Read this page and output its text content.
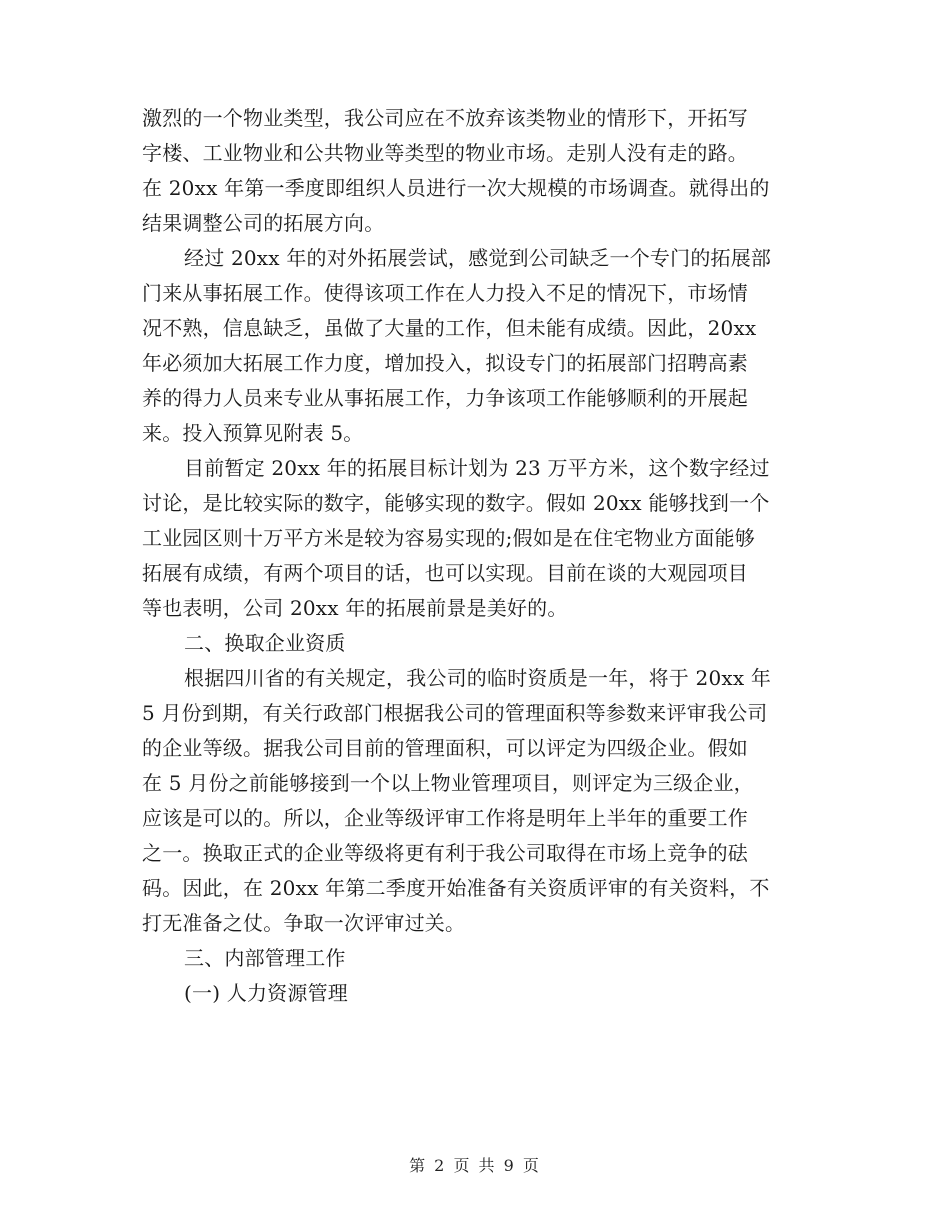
激烈的一个物业类型，我公司应在不放弃该类物业的情形下，开拓写
字楼、工业物业和公共物业等类型的物业市场。走别人没有走的路。
在 20xx 年第一季度即组织人员进行一次大规模的市场调查。就得出的
结果调整公司的拓展方向。

经过 20xx 年的对外拓展尝试，感觉到公司缺乏一个专门的拓展部
门来从事拓展工作。使得该项工作在人力投入不足的情况下，市场情
况不熟，信息缺乏，虽做了大量的工作，但未能有成绩。因此，20xx
年必须加大拓展工作力度，增加投入，拟设专门的拓展部门招聘高素
养的得力人员来专业从事拓展工作，力争该项工作能够顺利的开展起
来。投入预算见附表 5。

目前暂定 20xx 年的拓展目标计划为 23 万平方米，这个数字经过
讨论，是比较实际的数字，能够实现的数字。假如 20xx 能够找到一个
工业园区则十万平方米是较为容易实现的;假如是在住宅物业方面能够
拓展有成绩，有两个项目的话，也可以实现。目前在谈的大观园项目
等也表明，公司 20xx 年的拓展前景是美好的。

二、换取企业资质

根据四川省的有关规定，我公司的临时资质是一年，将于 20xx 年
5 月份到期，有关行政部门根据我公司的管理面积等参数来评审我公司
的企业等级。据我公司目前的管理面积，可以评定为四级企业。假如
在 5 月份之前能够接到一个以上物业管理项目，则评定为三级企业，
应该是可以的。所以，企业等级评审工作将是明年上半年的重要工作
之一。换取正式的企业等级将更有利于我公司取得在市场上竞争的砝
码。因此，在 20xx 年第二季度开始准备有关资质评审的有关资料，不
打无准备之仗。争取一次评审过关。

三、内部管理工作

(一) 人力资源管理

第 2 页 共 9 页
